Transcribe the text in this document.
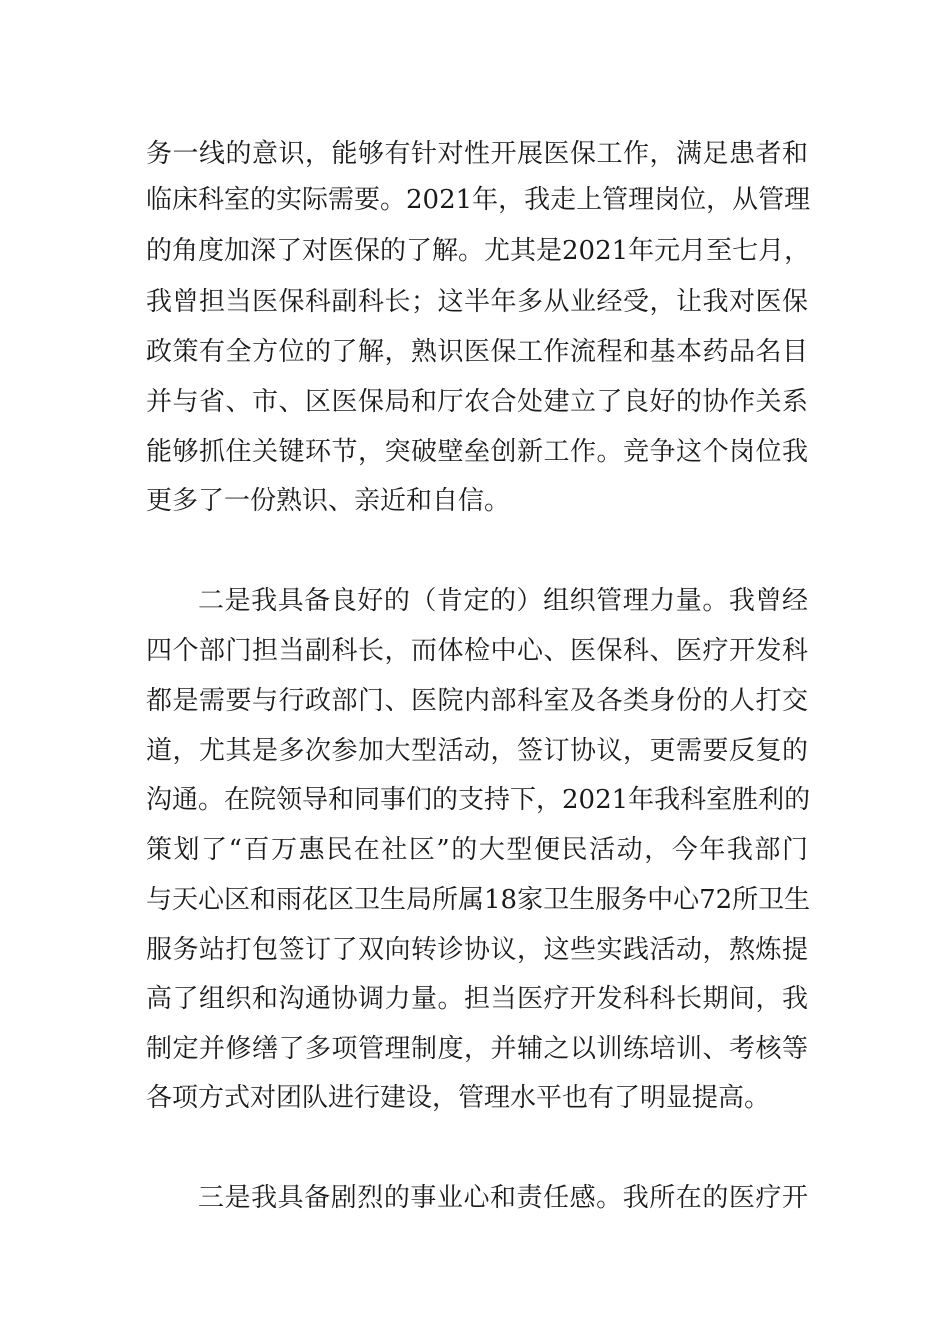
务一线的意识，能够有针对性开展医保工作，满足患者和
临床科室的实际需要。2021年，我走上管理岗位，从管理
的角度加深了对医保的了解。尤其是2021年元月至七月，
我曾担当医保科副科长；这半年多从业经受，让我对医保
政策有全方位的了解，熟识医保工作流程和基本药品名目
并与省、市、区医保局和厅农合处建立了良好的协作关系
能够抓住关键环节，突破壁垒创新工作。竞争这个岗位我
更多了一份熟识、亲近和自信。
二是我具备良好的（肯定的）组织管理力量。我曾经
四个部门担当副科长，而体检中心、医保科、医疗开发科
都是需要与行政部门、医院内部科室及各类身份的人打交
道，尤其是多次参加大型活动，签订协议，更需要反复的
沟通。在院领导和同事们的支持下，2021年我科室胜利的
策划了“百万惠民在社区”的大型便民活动，今年我部门
与天心区和雨花区卫生局所属18家卫生服务中心72所卫生
服务站打包签订了双向转诊协议，这些实践活动，熬炼提
高了组织和沟通协调力量。担当医疗开发科科长期间，我
制定并修缮了多项管理制度，并辅之以训练培训、考核等
各项方式对团队进行建设，管理水平也有了明显提高。
三是我具备剧烈的事业心和责任感。我所在的医疗开
